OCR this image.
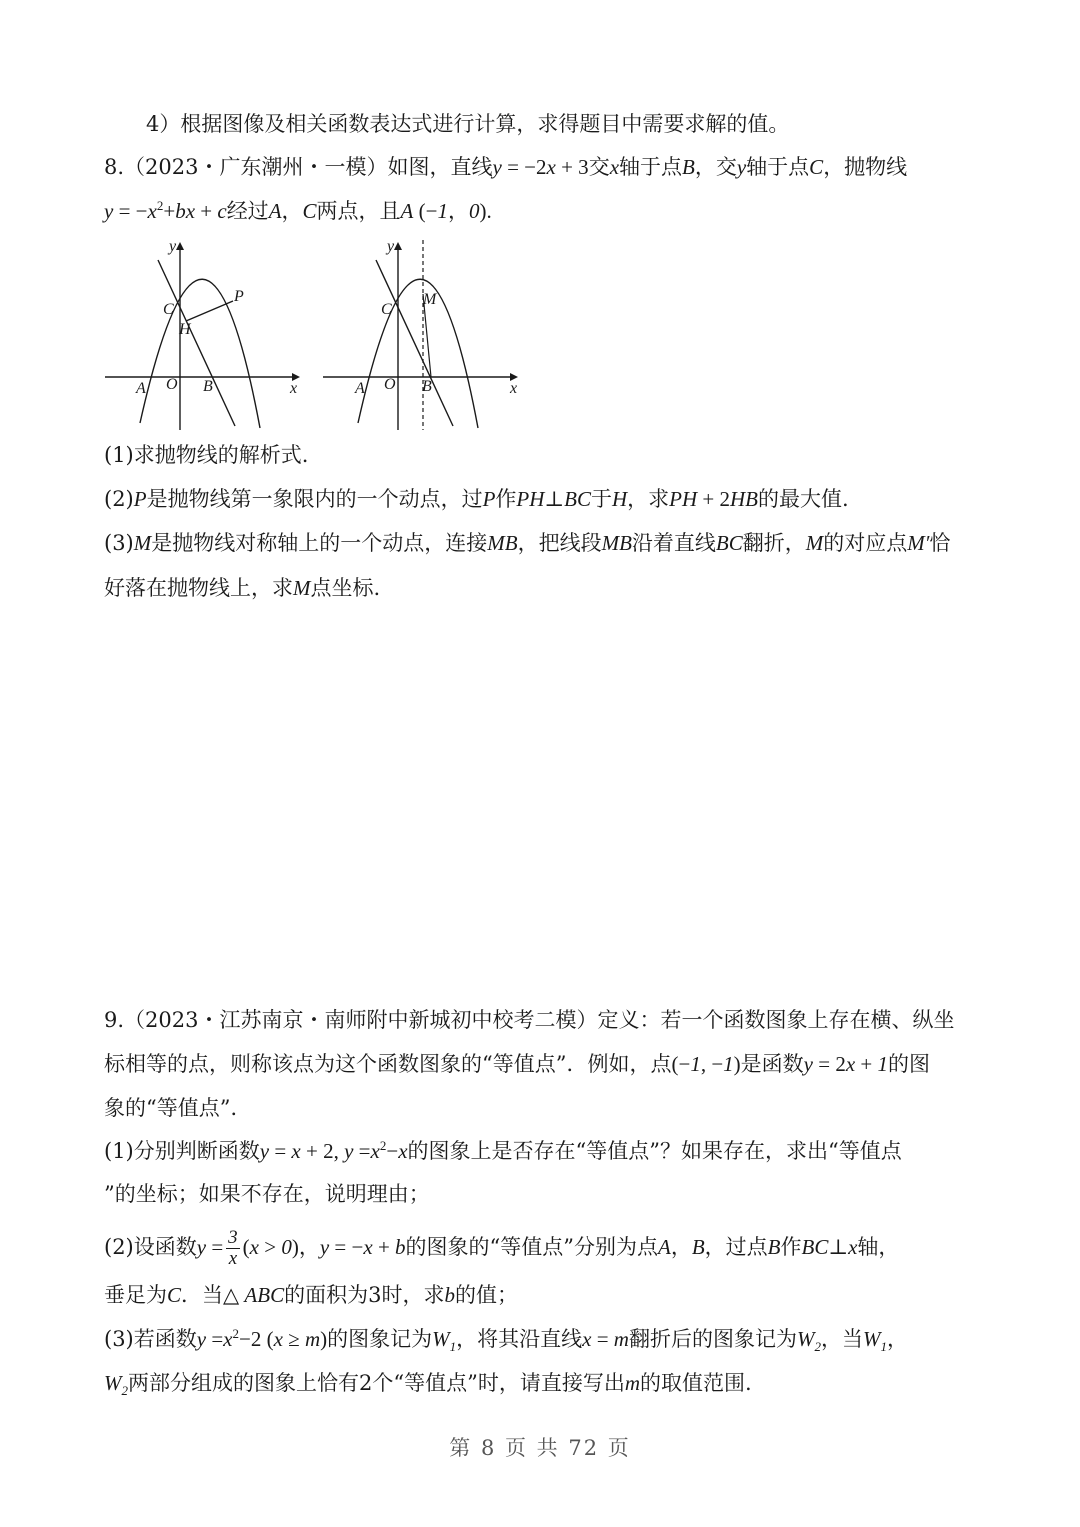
4）根据图像及相关函数表达式进行计算，求得题目中需要求解的值。
8.（2023・广东潮州・一模）如图，直线y = −2x + 3交x轴于点B，交y轴于点C，抛物线
$y = -x^2+bx + c$经过A，C两点，且A (−1，0).
y
x
C
H
P
A O B
y
x
C
M
A O B
(1)求抛物线的解析式.
(2)P是抛物线第一象限内的一个动点，过P作PH⊥BC于H，求PH + 2HB的最大值.
(3)M是抛物线对称轴上的一个动点，连接MB，把线段MB沿着直线BC翻折，M的对应点M′恰
好落在抛物线上，求M点坐标.
9.（2023・江苏南京・南师附中新城初中校考二模）定义：若一个函数图象上存在横、纵坐
标相等的点，则称该点为这个函数图象的“等值点”．例如，点(−1, −1)是函数y = 2x + 1的图
象的“等值点”．
(1)分别判断函数y = x + 2, $y =x^2-x$的图象上是否存在“等值点”？如果存在，求出“等值点
”的坐标；如果不存在，说明理由；
(2)设函数$y = \frac{3}{x} (x > 0)$，y = −x + b的图象的“等值点”分别为点A，B，过点B作BC⊥x轴，
垂足为C．当△ ABC的面积为3时，求b的值；
(3)若函数$y =x^2-2$ (x ≥ m)的图象记为$W_1$，将其沿直线x = m翻折后的图象记为$W_2$，当$W_1$，
$W_2$两部分组成的图象上恰有2个“等值点”时，请直接写出m的取值范围.
第 8 页 共 72 页
